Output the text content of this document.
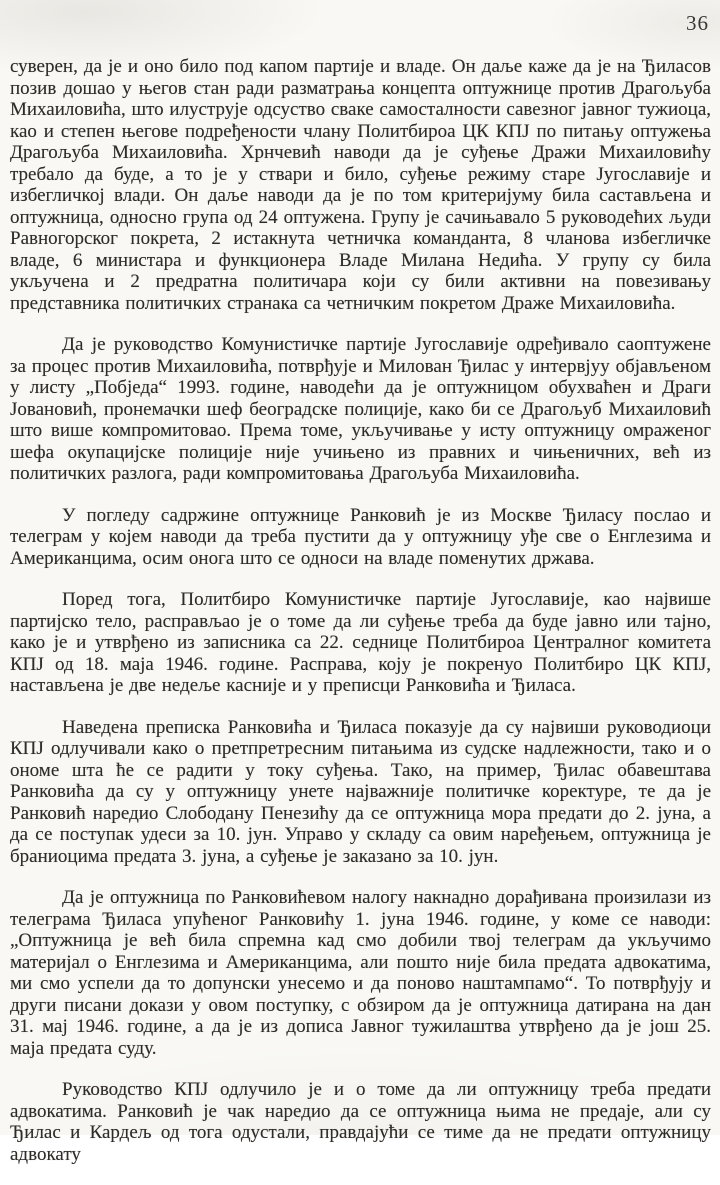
36

суверен, да је и оно било под капом партије и владе. Он даље каже да је на Ђиласов позив дошао у његов стан ради разматрања концепта оптужнице против Драгољуба Михаиловића, што илуструје одсуство сваке самосталности савезног јавног тужиоца, као и степен његове подређености члану Политбироа ЦК КПЈ по питању оптужења Драгољуба Михаиловића. Хрнчевић наводи да је суђење Дражи Михаиловићу требало да буде, а то је у ствари и било, суђење режиму старе Југославије и избегличкој влади. Он даље наводи да је по том критеријуму била састављена и оптужница, односно група од 24 оптужена. Групу је сачињавало 5 руководећих људи Равногорског покрета, 2 истакнута четничка команданта, 8 чланова избегличке владе, 6 министара и функционера Владе Милана Недића. У групу су била укључена и 2 предратна политичара који су били активни на повезивању представника политичких странака са четничким покретом Драже Михаиловића.

Да је руководство Комунистичке партије Југославије одређивало саоптужене за процес против Михаиловића, потврђује и Милован Ђилас у интервјуу објављеном у листу „Побједа“ 1993. године, наводећи да је оптужницом обухваћен и Драги Јовановић, пронемачки шеф београдске полиције, како би се Драгољуб Михаиловић што више компромитовао. Према томе, укључивање у исту оптужницу омраженог шефа окупацијске полиције није учињено из правних и чињеничних, већ из политичких разлога, ради компромитовања Драгољуба Михаиловића.

У погледу садржине оптужнице Ранковић је из Москве Ђиласу послао и телеграм у којем наводи да треба пустити да у оптужницу уђе све о Енглезима и Американцима, осим онога што се односи на владе поменутих држава.

Поред тога, Политбиро Комунистичке партије Југославије, као највише партијско тело, расправљао је о томе да ли суђење треба да буде јавно или тајно, како је и утврђено из записника са 22. седнице Политбироа Централног комитета КПЈ од 18. маја 1946. године. Расправа, коју је покренуо Политбиро ЦК КПЈ, настављена је две недеље касније и у преписци Ранковића и Ђиласа.

Наведена преписка Ранковића и Ђиласа показује да су највиши руководиоци КПЈ одлучивали како о претпретресним питањима из судске надлежности, тако и о ономе шта ће се радити у току суђења. Тако, на пример, Ђилас обавештава Ранковића да су у оптужницу унете најважније политичке коректуре, те да је Ранковић наредио Слободану Пенезићу да се оптужница мора предати до 2. јуна, а да се поступак удеси за 10. јун. Управо у складу са овим наређењем, оптужница је браниоцима предата 3. јуна, а суђење је заказано за 10. јун.

Да је оптужница по Ранковићевом налогу накнадно дорађивана произилази из телеграма Ђиласа упућеног Ранковићу 1. јуна 1946. године, у коме се наводи: „Оптужница је већ била спремна кад смо добили твој телеграм да укључимо материјал о Енглезима и Американцима, али пошто није била предата адвокатима, ми смо успели да то допунски унесемо и да поново наштампамо“. То потврђују и други писани докази у овом поступку, с обзиром да је оптужница датирана на дан 31. мај 1946. године, а да је из дописа Јавног тужилаштва утврђено да је још 25. маја предата суду.

Руководство КПЈ одлучило је и о томе да ли оптужницу треба предати адвокатима. Ранковић је чак наредио да се оптужница њима не предаје, али су Ђилас и Кардељ од тога одустали, правдајући се тиме да не предати оптужницу адвокату
